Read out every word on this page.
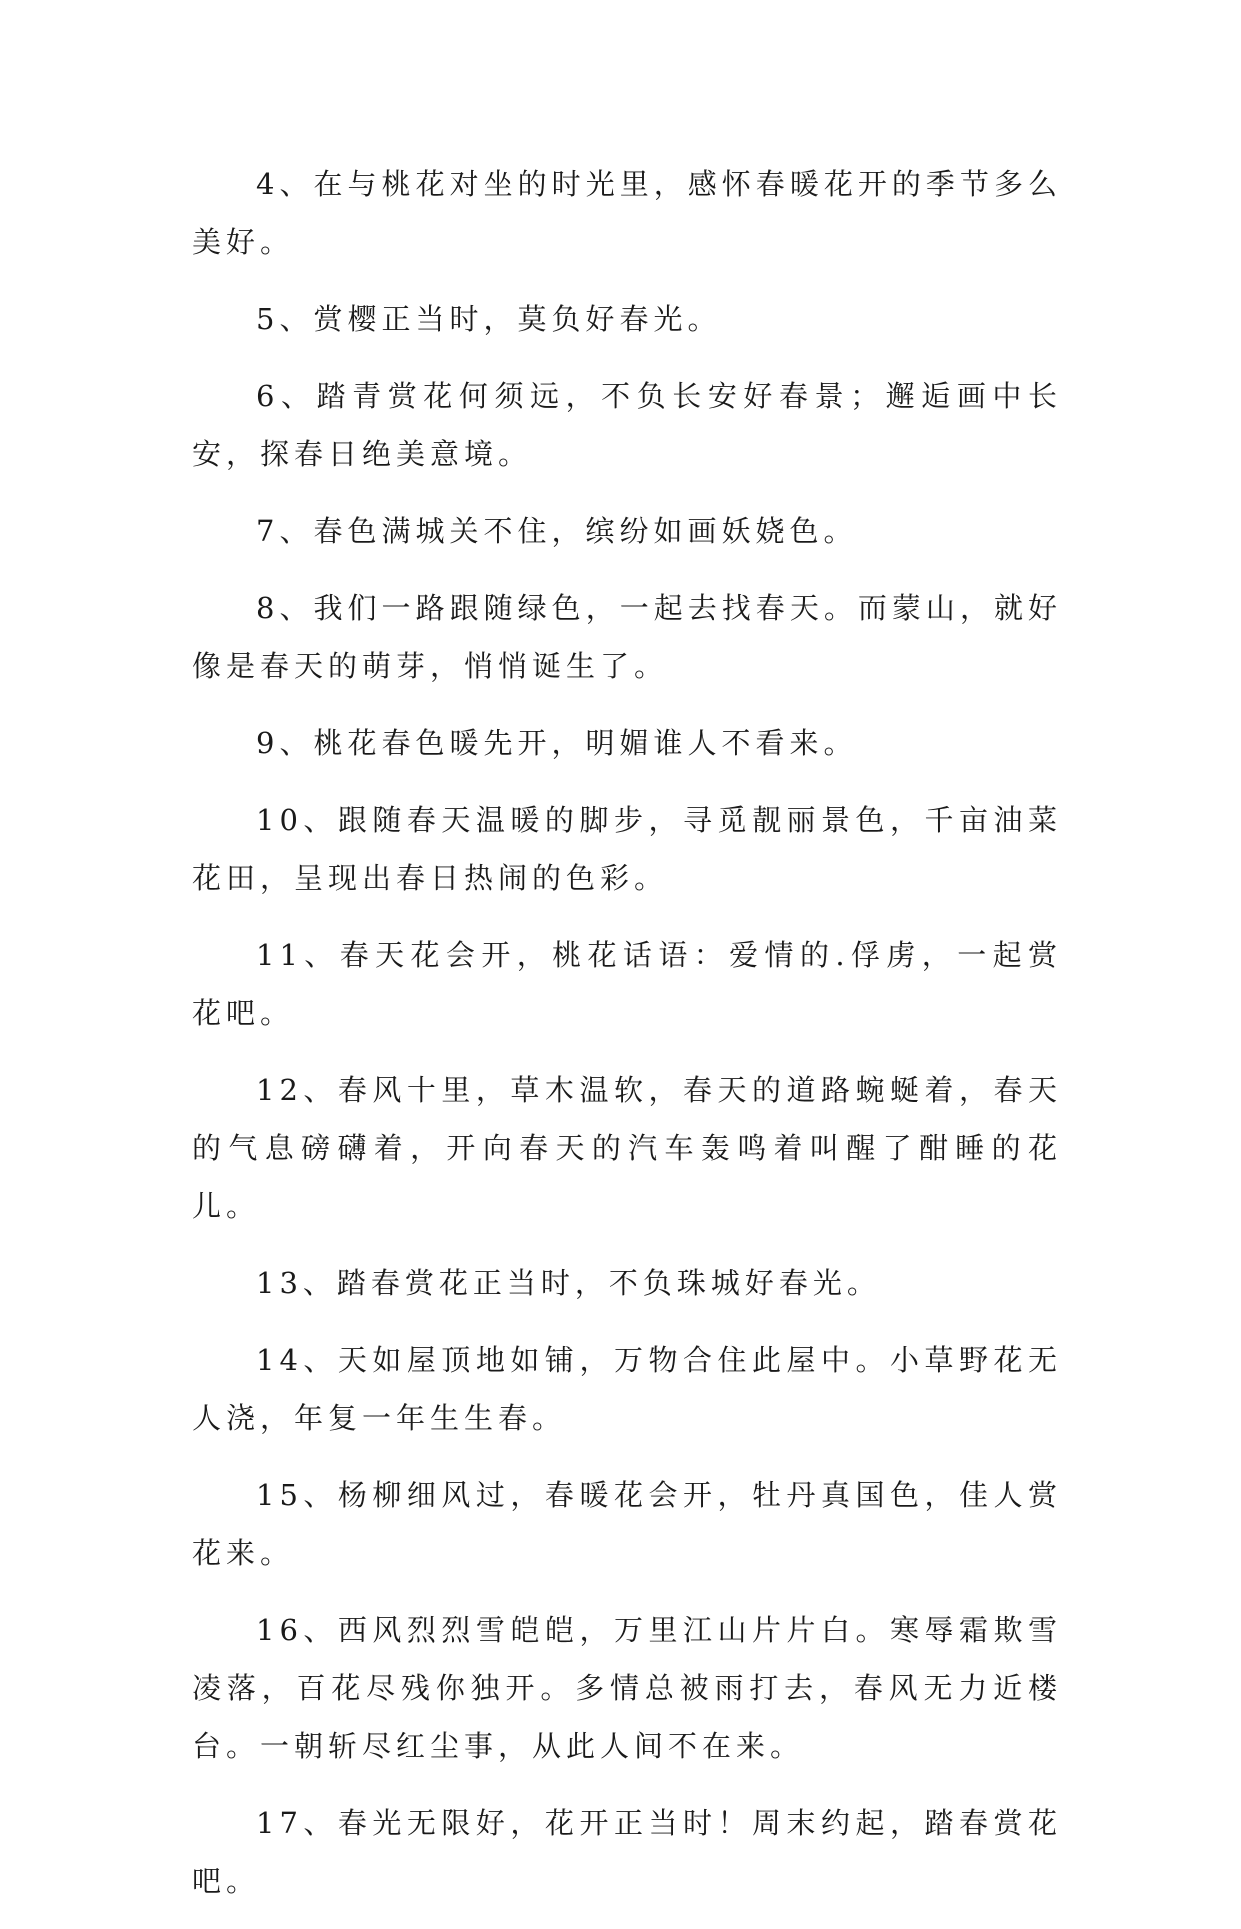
4、在与桃花对坐的时光里，感怀春暖花开的季节多么美好。

5、赏樱正当时，莫负好春光。

6、踏青赏花何须远，不负长安好春景；邂逅画中长安，探春日绝美意境。

7、春色满城关不住，缤纷如画妖娆色。

8、我们一路跟随绿色，一起去找春天。而蒙山，就好像是春天的萌芽，悄悄诞生了。

9、桃花春色暖先开，明媚谁人不看来。

10、跟随春天温暖的脚步，寻觅靓丽景色，千亩油菜花田，呈现出春日热闹的色彩。

11、春天花会开，桃花话语：爱情的.俘虏，一起赏花吧。

12、春风十里，草木温软，春天的道路蜿蜒着，春天的气息磅礴着，开向春天的汽车轰鸣着叫醒了酣睡的花儿。

13、踏春赏花正当时，不负珠城好春光。

14、天如屋顶地如铺，万物合住此屋中。小草野花无人浇，年复一年生生春。

15、杨柳细风过，春暖花会开，牡丹真国色，佳人赏花来。

16、西风烈烈雪皑皑，万里江山片片白。寒辱霜欺雪凌落，百花尽残你独开。多情总被雨打去，春风无力近楼台。一朝斩尽红尘事，从此人间不在来。

17、春光无限好，花开正当时！周末约起，踏春赏花吧。
